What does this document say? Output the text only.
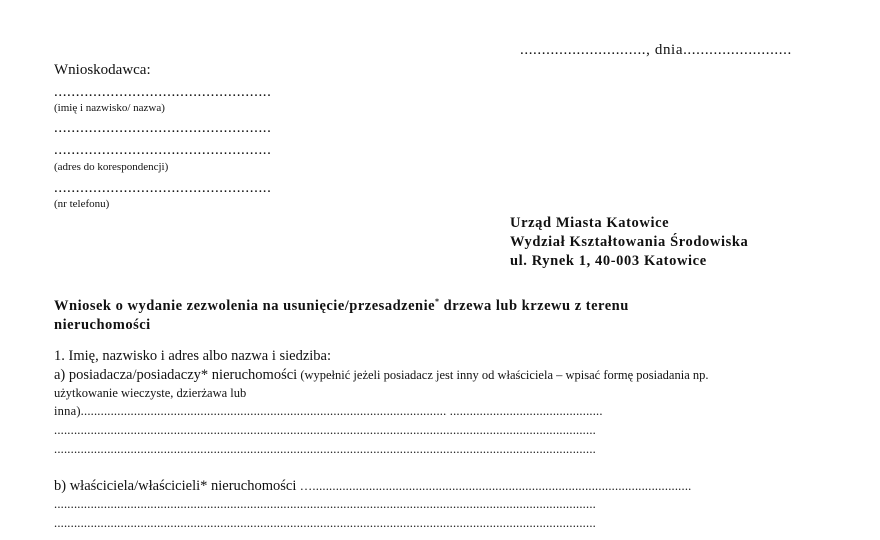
............................., dnia.........................
Wnioskodawca:
..................................................
(imię i nazwisko/ nazwa)
..................................................
..................................................
(adres do korespondencji)
..................................................
(nr telefonu)
Urząd Miasta Katowice
Wydział Kształtowania Środowiska
ul. Rynek 1, 40-003 Katowice
Wniosek o wydanie zezwolenia na usunięcie/przesadzenie* drzewa lub krzewu z terenu
nieruchomości
1. Imię, nazwisko i adres albo nazwa i siedziba:
a) posiadacza/posiadaczy* nieruchomości (wypełnić jeżeli posiadacz jest inny od właściciela – wpisać formę posiadania np.
użytkowanie wieczyste, dzierżawa lub
inna).............................................................................................................. ..............................................
...................................................................................................................................................................
...................................................................................................................................................................
b) właściciela/właścicieli* nieruchomości …..................................................................................................................
...................................................................................................................................................................
...................................................................................................................................................................
